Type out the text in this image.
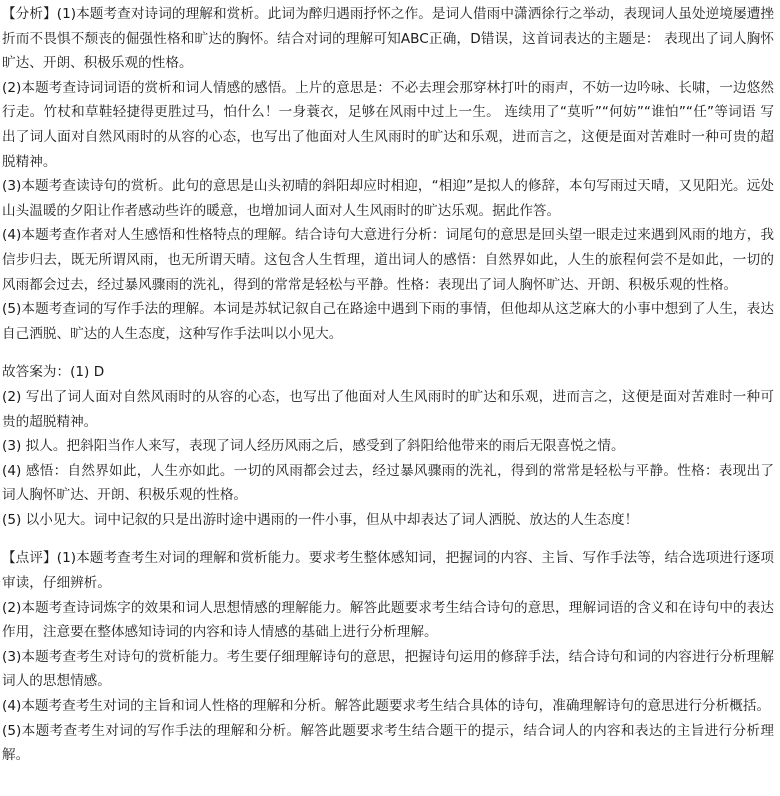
【分析】(1)本题考查对诗词的理解和赏析。此词为醉归遇雨抒怀之作。是词人借雨中潇洒徐行之举动，表现词人虽处逆境屡遭挫折而不畏惧不颓丧的倔强性格和旷达的胸怀。结合对词的理解可知ABC正确，D错误，这首词表达的主题是： 表现出了词人胸怀旷达、开朗、积极乐观的性格。

(2)本题考查诗词词语的赏析和词人情感的感悟。上片的意思是：不必去理会那穿林打叶的雨声，不妨一边吟咏、长啸，一边悠然行走。竹杖和草鞋轻捷得更胜过马，怕什么！一身蓑衣，足够在风雨中过上一生。 连续用了“莫听”“何妨”“谁怕”“任”等词语 写出了词人面对自然风雨时的从容的心态，也写出了他面对人生风雨时的旷达和乐观，进而言之，这便是面对苦难时一种可贵的超脱精神。

(3)本题考查读诗句的赏析。此句的意思是山头初晴的斜阳却应时相迎，“相迎”是拟人的修辞，本句写雨过天晴，又见阳光。远处山头温暖的夕阳让作者感动些许的暖意，也增加词人面对人生风雨时的旷达乐观。据此作答。

(4)本题考查作者对人生感悟和性格特点的理解。结合诗句大意进行分析：词尾句的意思是回头望一眼走过来遇到风雨的地方，我信步归去，既无所谓风雨，也无所谓天晴。这包含人生哲理，道出词人的感悟：自然界如此，人生的旅程何尝不是如此，一切的风雨都会过去，经过暴风骤雨的洗礼，得到的常常是轻松与平静。性格：表现出了词人胸怀旷达、开朗、积极乐观的性格。

(5)本题考查词的写作手法的理解。本词是苏轼记叙自己在路途中遇到下雨的事情，但他却从这芝麻大的小事中想到了人生，表达自己洒脱、旷达的人生态度，这种写作手法叫以小见大。

故答案为：(1) D

(2) 写出了词人面对自然风雨时的从容的心态，也写出了他面对人生风雨时的旷达和乐观，进而言之，这便是面对苦难时一种可贵的超脱精神。

(3) 拟人。把斜阳当作人来写，表现了词人经历风雨之后，感受到了斜阳给他带来的雨后无限喜悦之情。

(4) 感悟：自然界如此，人生亦如此。一切的风雨都会过去，经过暴风骤雨的洗礼，得到的常常是轻松与平静。性格：表现出了词人胸怀旷达、开朗、积极乐观的性格。

(5) 以小见大。词中记叙的只是出游时途中遇雨的一件小事，但从中却表达了词人洒脱、放达的人生态度！

【点评】(1)本题考查考生对词的理解和赏析能力。要求考生整体感知词，把握词的内容、主旨、写作手法等，结合选项进行逐项审读，仔细辨析。

(2)本题考查诗词炼字的效果和词人思想情感的理解能力。解答此题要求考生结合诗句的意思，理解词语的含义和在诗句中的表达作用，注意要在整体感知诗词的内容和诗人情感的基础上进行分析理解。

(3)本题考查考生对诗句的赏析能力。考生要仔细理解诗句的意思，把握诗句运用的修辞手法，结合诗句和词的内容进行分析理解词人的思想情感。

(4)本题考查考生对词的主旨和词人性格的理解和分析。解答此题要求考生结合具体的诗句，准确理解诗句的意思进行分析概括。

(5)本题考查考生对词的写作手法的理解和分析。解答此题要求考生结合题干的提示，结合词人的内容和表达的主旨进行分析理解。
